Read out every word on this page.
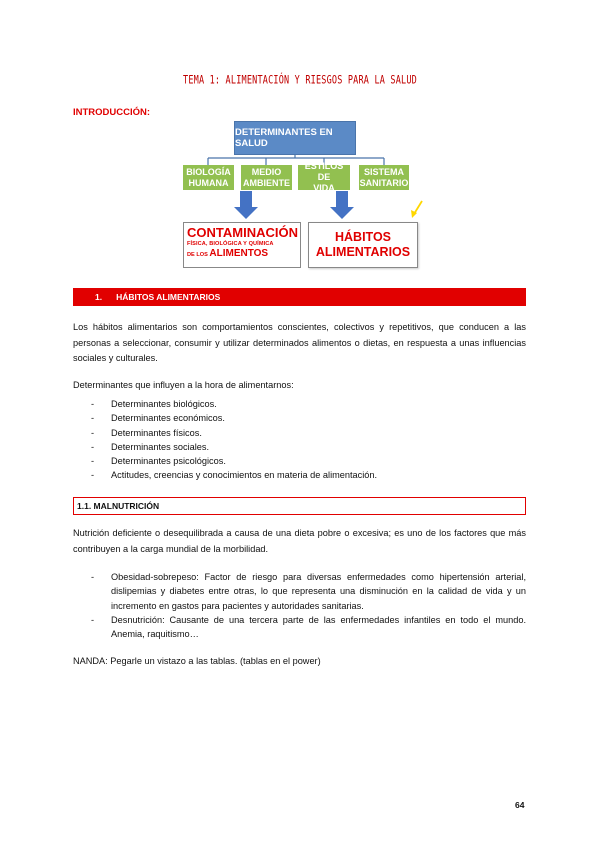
TEMA 1: ALIMENTACIÓN Y RIESGOS PARA LA SALUD
INTRODUCCIÓN:
DETERMINANTES EN SALUD
BIOLOGÍA
HUMANA
MEDIO
AMBIENTE
ESTILOS DE
VIDA
SISTEMA
SANITARIO
CONTAMINACIÓN
FÍSICA, BIOLÓGICA Y QUÍMICA
DE LOS ALIMENTOS
HÁBITOS
ALIMENTARIOS
1. HÁBITOS ALIMENTARIOS

Los hábitos alimentarios son comportamientos conscientes, colectivos y repetitivos, que conducen a las personas a seleccionar, consumir y utilizar determinados alimentos o dietas, en respuesta a unas influencias sociales y culturales.

Determinantes que influyen a la hora de alimentarnos:

- Determinantes biológicos.
- Determinantes económicos.
- Determinantes físicos.
- Determinantes sociales.
- Determinantes psicológicos.
- Actitudes, creencias y conocimientos en materia de alimentación.
1.1. MALNUTRICIÓN

Nutrición deficiente o desequilibrada a causa de una dieta pobre o excesiva; es uno de los factores que más contribuyen a la carga mundial de la morbilidad.

- Obesidad-sobrepeso: Factor de riesgo para diversas enfermedades como hipertensión arterial, dislipemias y diabetes entre otras, lo que representa una disminución en la calidad de vida y un incremento en gastos para pacientes y autoridades sanitarias.
- Desnutrición: Causante de una tercera parte de las enfermedades infantiles en todo el mundo. Anemia, raquitismo…

NANDA: Pegarle un vistazo a las tablas. (tablas en el power)

64
